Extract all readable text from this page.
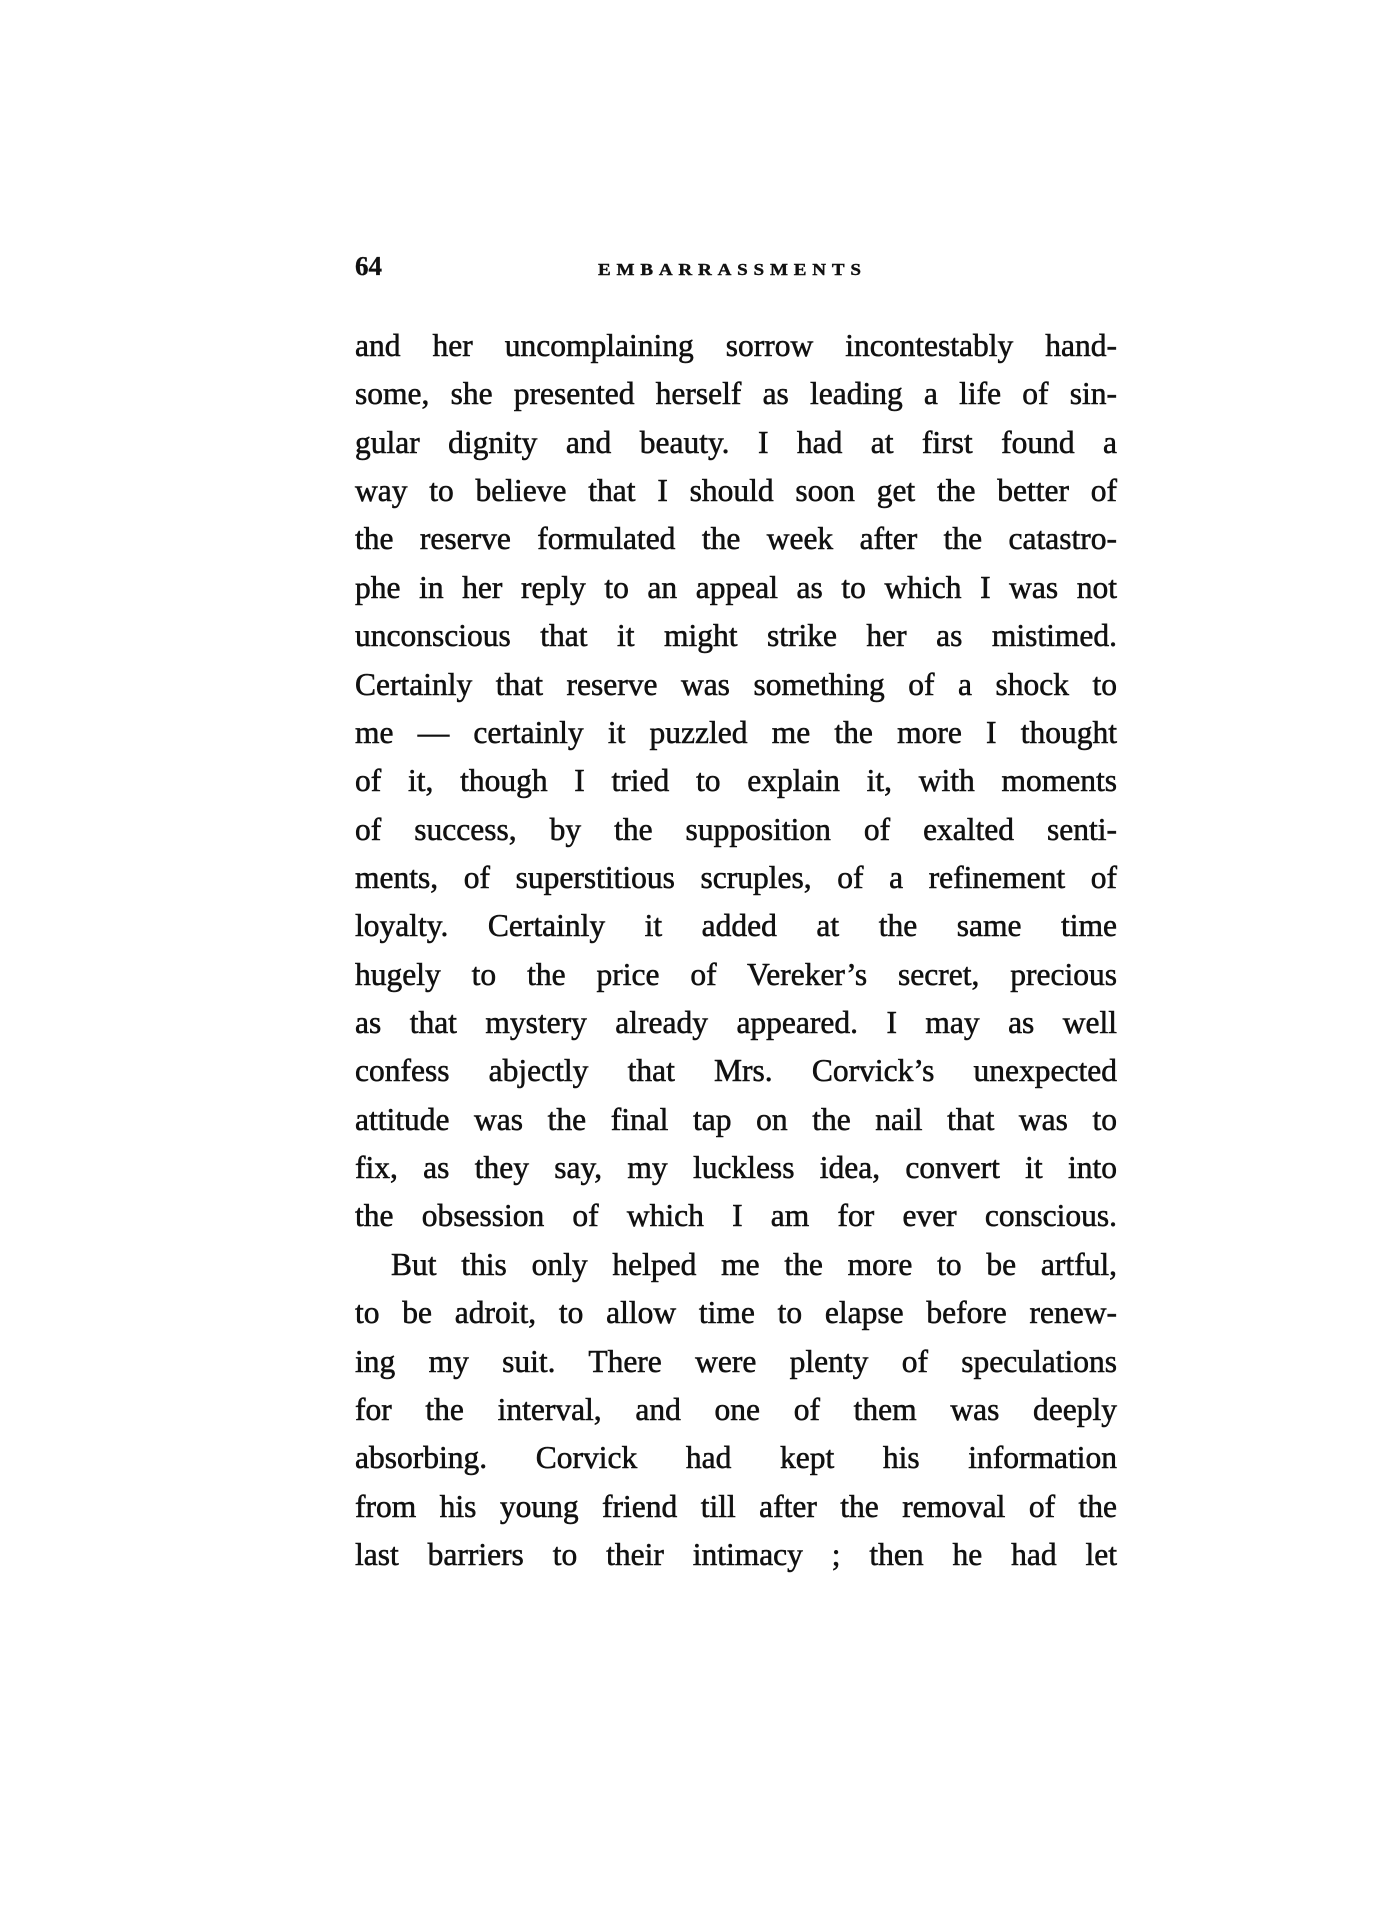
64	EMBARRASSMENTS
and her uncomplaining sorrow incontestably hand-
some, she presented herself as leading a life of sin-
gular dignity and beauty. I had at first found a
way to believe that I should soon get the better of
the reserve formulated the week after the catastro-
phe in her reply to an appeal as to which I was not
unconscious that it might strike her as mistimed.
Certainly that reserve was something of a shock to
me — certainly it puzzled me the more I thought
of it, though I tried to explain it, with moments
of success, by the supposition of exalted senti-
ments, of superstitious scruples, of a refinement of
loyalty. Certainly it added at the same time
hugely to the price of Vereker’s secret, precious
as that mystery already appeared. I may as well
confess abjectly that Mrs. Corvick’s unexpected
attitude was the final tap on the nail that was to
fix, as they say, my luckless idea, convert it into
the obsession of which I am for ever conscious.
But this only helped me the more to be artful,
to be adroit, to allow time to elapse before renew-
ing my suit. There were plenty of speculations
for the interval, and one of them was deeply
absorbing. Corvick had kept his information
from his young friend till after the removal of the
last barriers to their intimacy ; then he had let
